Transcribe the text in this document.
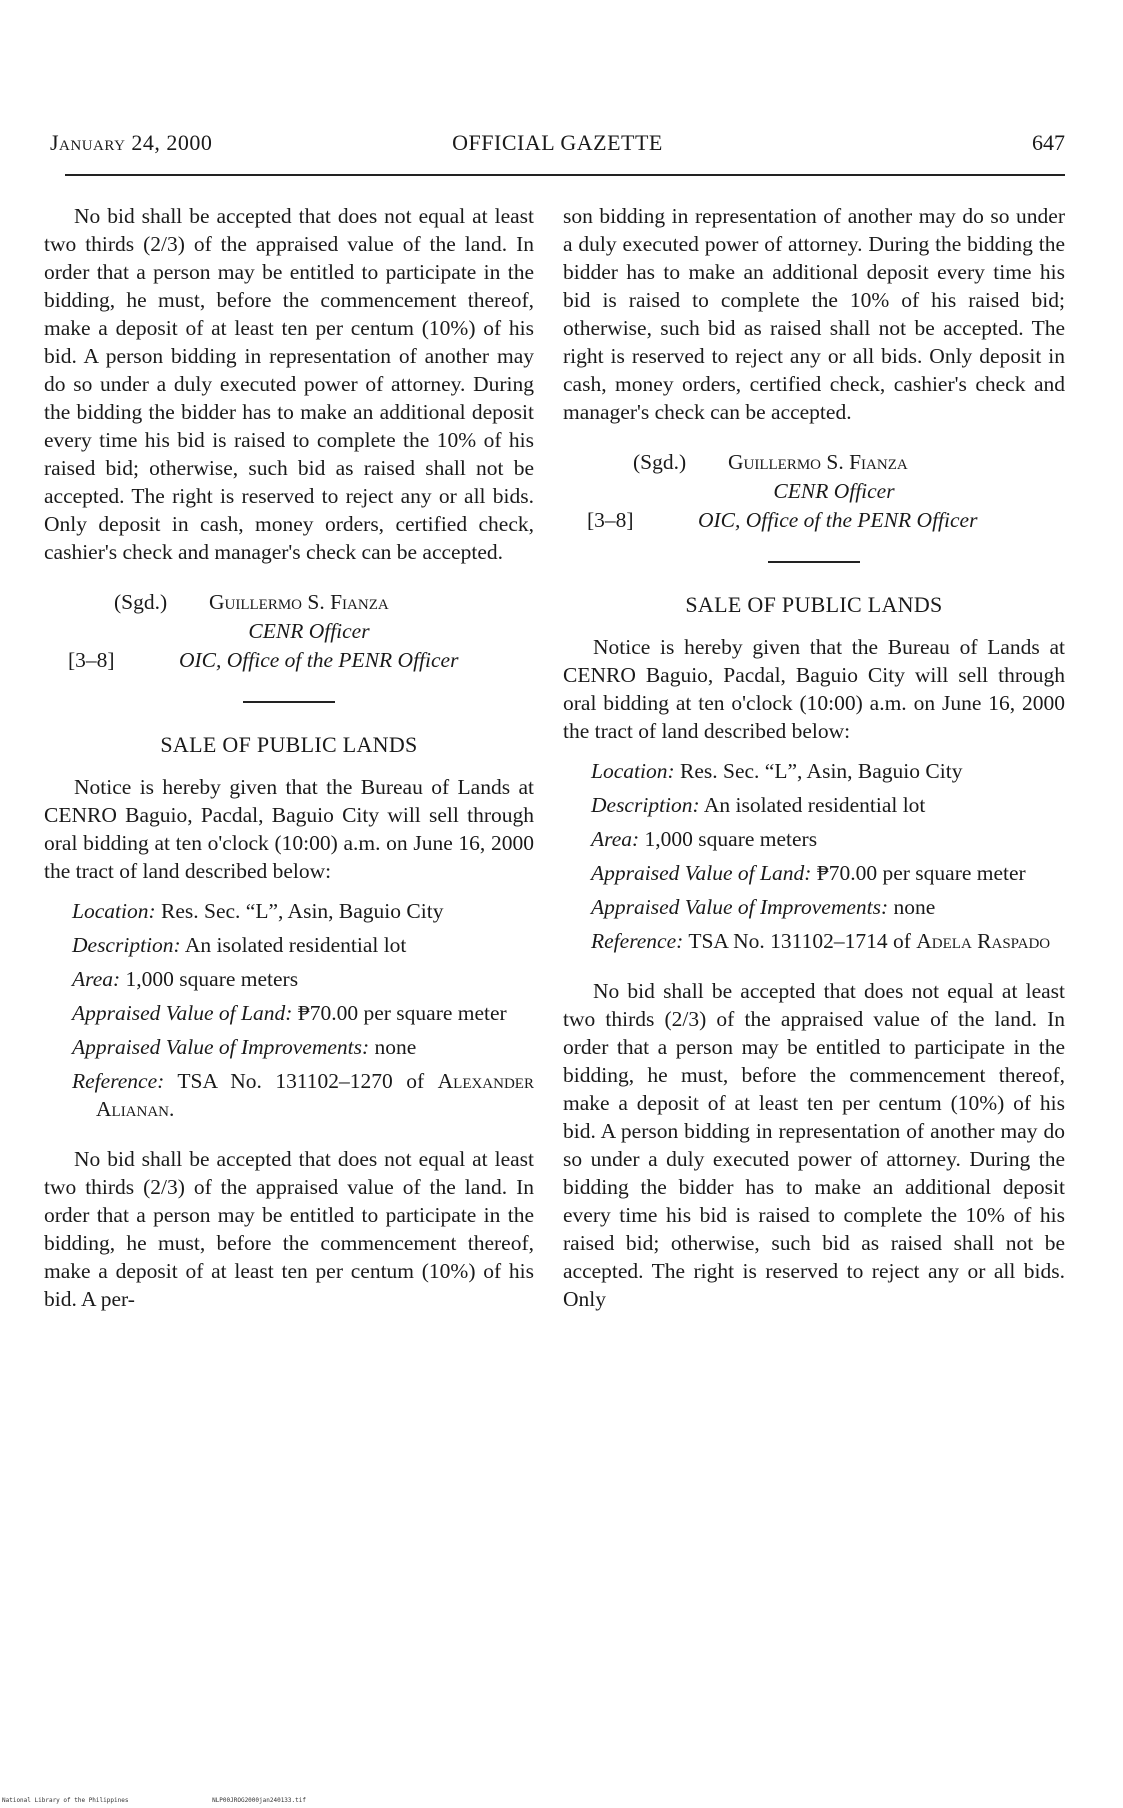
January 24, 2000	OFFICIAL GAZETTE	647

No bid shall be accepted that does not equal at least two thirds (2/3) of the appraised value of the land. In order that a person may be entitled to participate in the bidding, he must, before the commencement thereof, make a deposit of at least ten per centum (10%) of his bid. A person bidding in representation of another may do so under a duly executed power of attorney. During the bidding the bidder has to make an additional deposit every time his bid is raised to complete the 10% of his raised bid; otherwise, such bid as raised shall not be accepted. The right is reserved to reject any or all bids. Only deposit in cash, money orders, certified check, cashier's check and manager's check can be accepted.

(Sgd.) Guillermo S. Fianza
CENR Officer
[3–8]	OIC, Office of the PENR Officer
SALE OF PUBLIC LANDS

Notice is hereby given that the Bureau of Lands at CENRO Baguio, Pacdal, Baguio City will sell through oral bidding at ten o'clock (10:00) a.m. on June 16, 2000 the tract of land described below:

Location: Res. Sec. “L”, Asin, Baguio City
Description: An isolated residential lot
Area: 1,000 square meters
Appraised Value of Land: ₱70.00 per square meter
Appraised Value of Improvements: none
Reference: TSA No. 131102–1270 of Alexander Alianan.

No bid shall be accepted that does not equal at least two thirds (2/3) of the appraised value of the land. In order that a person may be entitled to participate in the bidding, he must, before the commencement thereof, make a deposit of at least ten per centum (10%) of his bid. A per-

son bidding in representation of another may do so under a duly executed power of attorney. During the bidding the bidder has to make an additional deposit every time his bid is raised to complete the 10% of his raised bid; otherwise, such bid as raised shall not be accepted. The right is reserved to reject any or all bids. Only deposit in cash, money orders, certified check, cashier's check and manager's check can be accepted.

(Sgd.) Guillermo S. Fianza
CENR Officer
[3–8]	OIC, Office of the PENR Officer
SALE OF PUBLIC LANDS

Notice is hereby given that the Bureau of Lands at CENRO Baguio, Pacdal, Baguio City will sell through oral bidding at ten o'clock (10:00) a.m. on June 16, 2000 the tract of land described below:

Location: Res. Sec. “L”, Asin, Baguio City
Description: An isolated residential lot
Area: 1,000 square meters
Appraised Value of Land: ₱70.00 per square meter
Appraised Value of Improvements: none
Reference: TSA No. 131102–1714 of Adela Raspado

No bid shall be accepted that does not equal at least two thirds (2/3) of the appraised value of the land. In order that a person may be entitled to participate in the bidding, he must, before the commencement thereof, make a deposit of at least ten per centum (10%) of his bid. A person bidding in representation of another may do so under a duly executed power of attorney. During the bidding the bidder has to make an additional deposit every time his bid is raised to complete the 10% of his raised bid; otherwise, such bid as raised shall not be accepted. The right is reserved to reject any or all bids. Only

National Library of the Philippines	NLP00JROG2000jan240133.tif
